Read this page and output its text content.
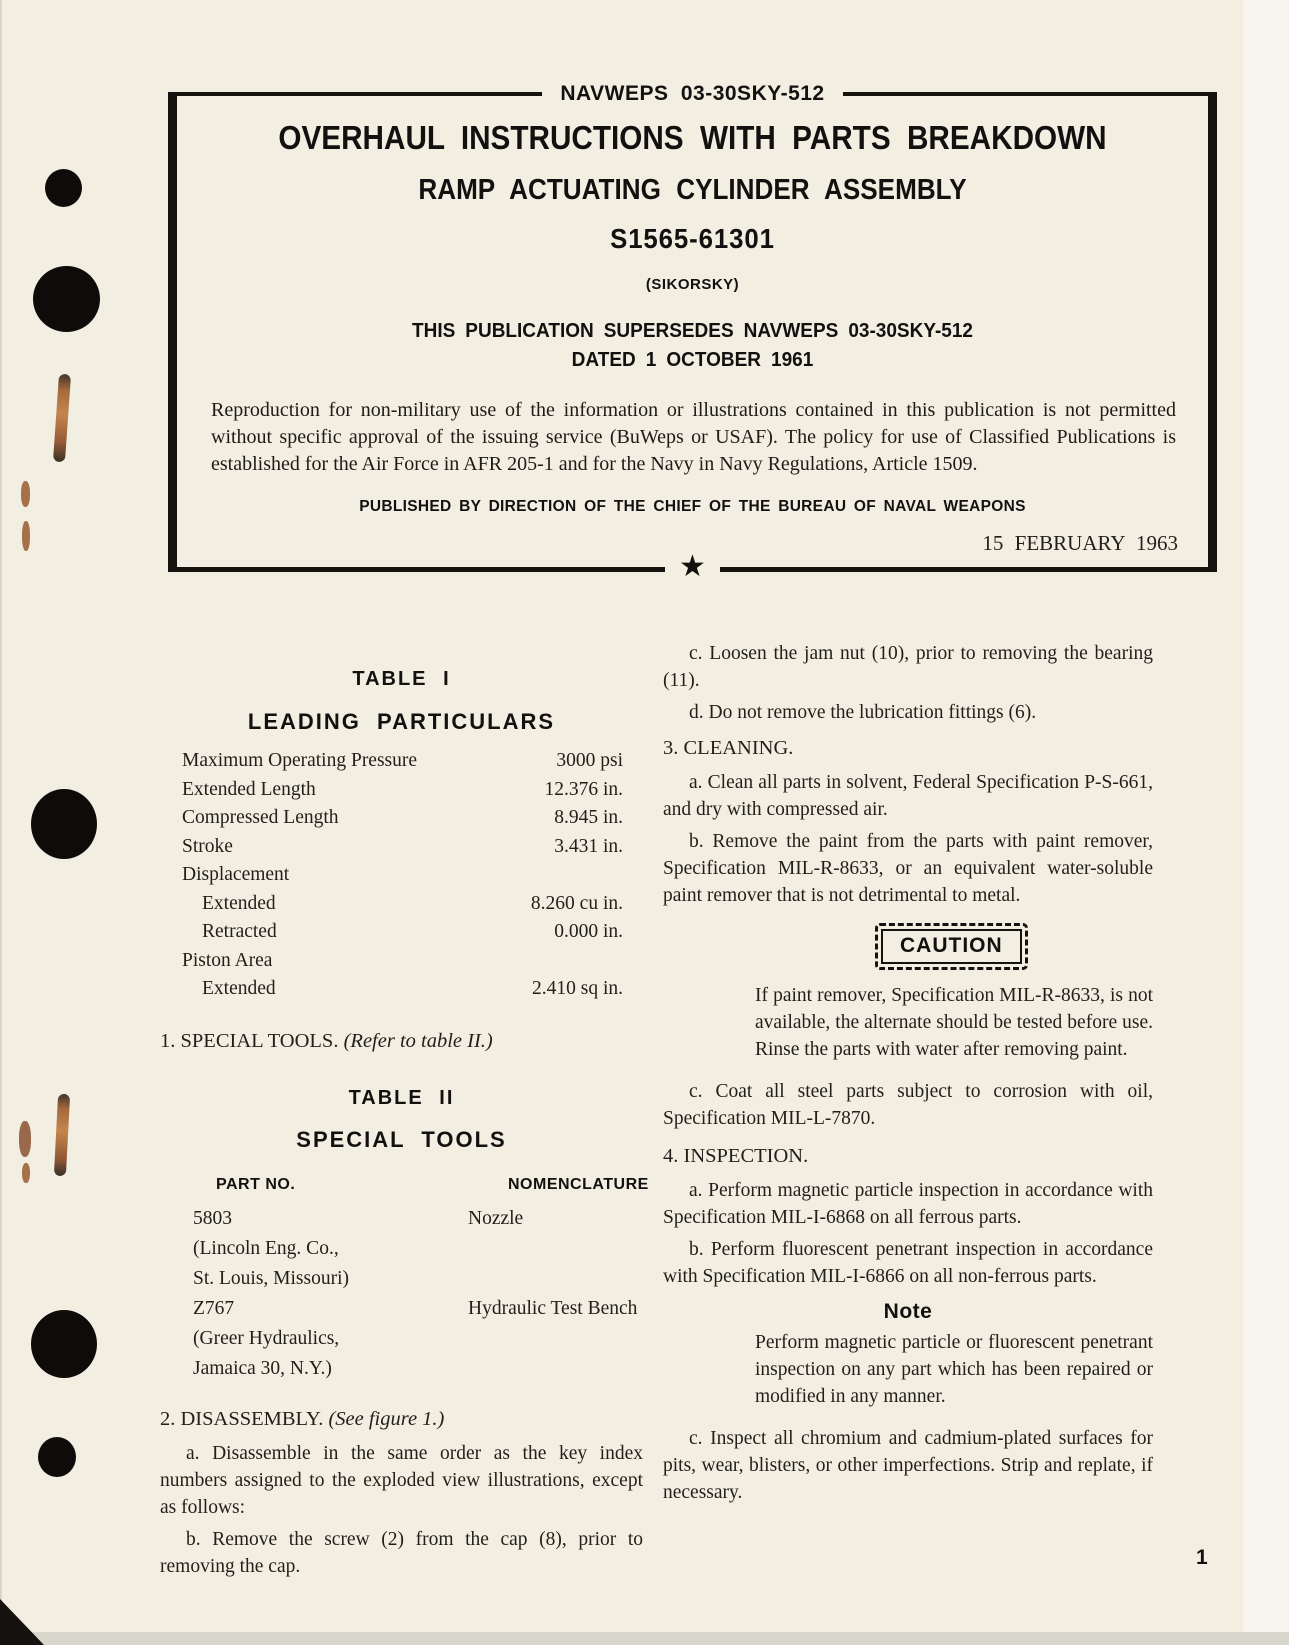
NAVWEPS 03-30SKY-512
OVERHAUL INSTRUCTIONS WITH PARTS BREAKDOWN
RAMP ACTUATING CYLINDER ASSEMBLY
S1565-61301
(SIKORSKY)
THIS PUBLICATION SUPERSEDES NAVWEPS 03-30SKY-512
DATED 1 OCTOBER 1961
Reproduction for non-military use of the information or illustrations contained in this publication is not permitted without specific approval of the issuing service (BuWeps or USAF). The policy for use of Classified Publications is established for the Air Force in AFR 205-1 and for the Navy in Navy Regulations, Article 1509.
PUBLISHED BY DIRECTION OF THE CHIEF OF THE BUREAU OF NAVAL WEAPONS
15 FEBRUARY 1963
★
TABLE I
LEADING PARTICULARS
Maximum Operating Pressure	3000 psi
Extended Length	12.376 in.
Compressed Length	8.945 in.
Stroke	3.431 in.
Displacement
Extended	8.260 cu in.
Retracted	0.000 in.
Piston Area
Extended	2.410 sq in.
1. SPECIAL TOOLS. (Refer to table II.)
TABLE II
SPECIAL TOOLS
PART NO.	NOMENCLATURE
5803	Nozzle
(Lincoln Eng. Co.,
St. Louis, Missouri)
Z767	Hydraulic Test Bench
(Greer Hydraulics,
Jamaica 30, N.Y.)
2. DISASSEMBLY. (See figure 1.)
a. Disassemble in the same order as the key index numbers assigned to the exploded view illustrations, except as follows:
b. Remove the screw (2) from the cap (8), prior to removing the cap.
c. Loosen the jam nut (10), prior to removing the bearing (11).
d. Do not remove the lubrication fittings (6).
3. CLEANING.
a. Clean all parts in solvent, Federal Specification P-S-661, and dry with compressed air.
b. Remove the paint from the parts with paint remover, Specification MIL-R-8633, or an equivalent water-soluble paint remover that is not detrimental to metal.
CAUTION
If paint remover, Specification MIL-R-8633, is not available, the alternate should be tested before use. Rinse the parts with water after removing paint.
c. Coat all steel parts subject to corrosion with oil, Specification MIL-L-7870.
4. INSPECTION.
a. Perform magnetic particle inspection in accordance with Specification MIL-I-6868 on all ferrous parts.
b. Perform fluorescent penetrant inspection in accordance with Specification MIL-I-6866 on all non-ferrous parts.
Note
Perform magnetic particle or fluorescent penetrant inspection on any part which has been repaired or modified in any manner.
c. Inspect all chromium and cadmium-plated surfaces for pits, wear, blisters, or other imperfections. Strip and replate, if necessary.
1
